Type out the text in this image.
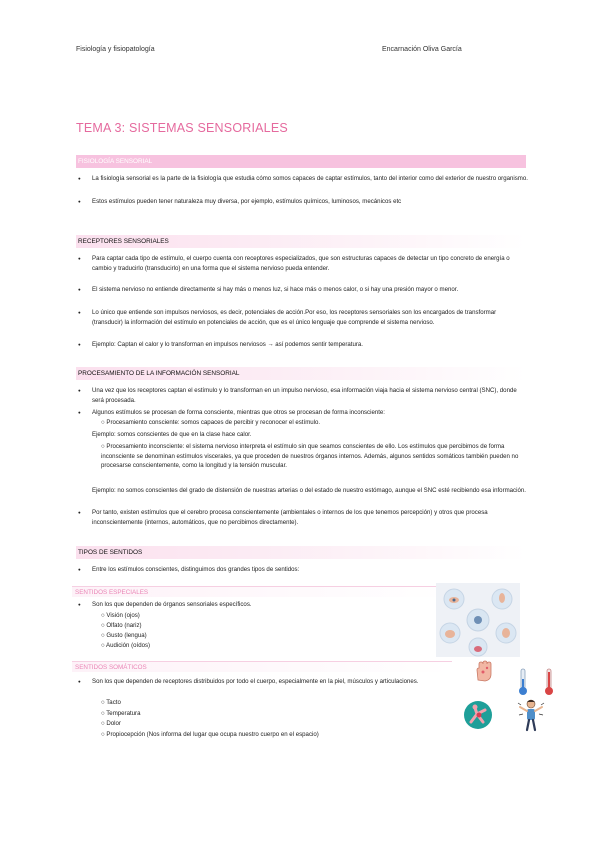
Fisiología y fisiopatología	Encarnación Oliva García
TEMA 3: SISTEMAS SENSORIALES
FISIOLOGÍA SENSORIAL
● La fisiología sensorial es la parte de la fisiología que estudia cómo somos capaces de captar estímulos, tanto del interior como del exterior de nuestro organismo.
● Estos estímulos pueden tener naturaleza muy diversa, por ejemplo, estímulos químicos, luminosos, mecánicos etc
RECEPTORES SENSORIALES
● Para captar cada tipo de estímulo, el cuerpo cuenta con receptores especializados, que son estructuras capaces de detectar un tipo concreto de energía o cambio y traducirlo (transducirlo) en una forma que el sistema nervioso pueda entender.
● El sistema nervioso no entiende directamente si hay más o menos luz, si hace más o menos calor, o si hay una presión mayor o menor.
● Lo único que entiende son impulsos nerviosos, es decir, potenciales de acción.Por eso, los receptores sensoriales son los encargados de transformar (transducir) la información del estímulo en potenciales de acción, que es el único lenguaje que comprende el sistema nervioso.
● Ejemplo: Captan el calor y lo transforman en impulsos nerviosos → así podemos sentir temperatura.
PROCESAMIENTO DE LA INFORMACIÓN SENSORIAL
● Una vez que los receptores captan el estímulo y lo transforman en un impulso nervioso, esa información viaja hacia el sistema nervioso central (SNC), donde será procesada.
● Algunos estímulos se procesan de forma consciente, mientras que otros se procesan de forma inconsciente:
○ Procesamiento consciente: somos capaces de percibir y reconocer el estímulo.
Ejemplo: somos conscientes de que en la clase hace calor.
○ Procesamiento inconsciente: el sistema nervioso interpreta el estímulo sin que seamos conscientes de ello. Los estímulos que percibimos de forma inconsciente se denominan estímulos viscerales, ya que proceden de nuestros órganos internos. Además, algunos sentidos somáticos también pueden no procesarse conscientemente, como la longitud y la tensión muscular.
Ejemplo: no somos conscientes del grado de distensión de nuestras arterias o del estado de nuestro estómago, aunque el SNC esté recibiendo esa información.
● Por tanto, existen estímulos que el cerebro procesa conscientemente (ambientales o internos de los que tenemos percepción) y otros que procesa inconscientemente (internos, automáticos, que no percibimos directamente).
TIPOS DE SENTIDOS
● Entre los estímulos conscientes, distinguimos dos grandes tipos de sentidos:
SENTIDOS ESPECIALES
● Son los que dependen de órganos sensoriales específicos.
○ Visión (ojos)
○ Olfato (nariz)
○ Gusto (lengua)
○ Audición (oídos)
SENTIDOS SOMÁTICOS
● Son los que dependen de receptores distribuidos por todo el cuerpo, especialmente en la piel, músculos y articulaciones.
○ Tacto
○ Temperatura
○ Dolor
○ Propiocepción (Nos informa del lugar que ocupa nuestro cuerpo en el espacio)
